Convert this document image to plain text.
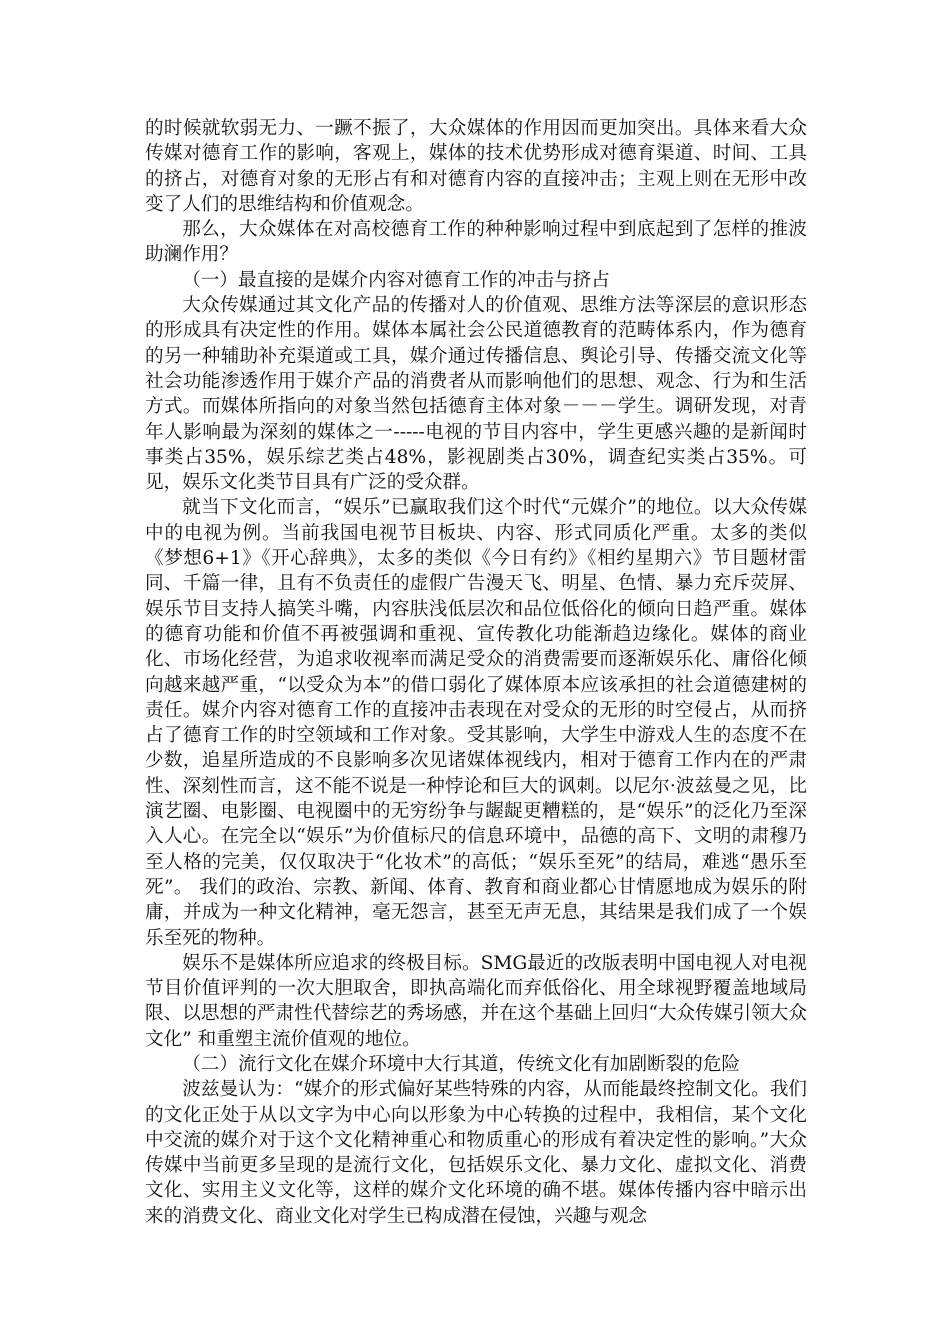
的时候就软弱无力、一蹶不振了，大众媒体的作用因而更加突出。具体来看大众传媒对德育工作的影响，客观上，媒体的技术优势形成对德育渠道、时间、工具的挤占，对德育对象的无形占有和对德育内容的直接冲击；主观上则在无形中改变了人们的思维结构和价值观念。

那么，大众媒体在对高校德育工作的种种影响过程中到底起到了怎样的推波助澜作用？

（一）最直接的是媒介内容对德育工作的冲击与挤占

大众传媒通过其文化产品的传播对人的价值观、思维方法等深层的意识形态的形成具有决定性的作用。媒体本属社会公民道德教育的范畴体系内，作为德育的另一种辅助补充渠道或工具，媒介通过传播信息、舆论引导、传播交流文化等社会功能渗透作用于媒介产品的消费者从而影响他们的思想、观念、行为和生活方式。而媒体所指向的对象当然包括德育主体对象－－－学生。调研发现，对青年人影响最为深刻的媒体之一-----电视的节目内容中，学生更感兴趣的是新闻时事类占35%，娱乐综艺类占48%，影视剧类占30%，调查纪实类占35%。可见，娱乐文化类节目具有广泛的受众群。

就当下文化而言，“娱乐”已赢取我们这个时代“元媒介”的地位。以大众传媒中的电视为例。当前我国电视节目板块、内容、形式同质化严重。太多的类似《梦想6+1》《开心辞典》，太多的类似《今日有约》《相约星期六》节目题材雷同、千篇一律，且有不负责任的虚假广告漫天飞、明星、色情、暴力充斥荧屏、娱乐节目支持人搞笑斗嘴，内容肤浅低层次和品位低俗化的倾向日趋严重。媒体的德育功能和价值不再被强调和重视、宣传教化功能渐趋边缘化。媒体的商业化、市场化经营，为追求收视率而满足受众的消费需要而逐渐娱乐化、庸俗化倾向越来越严重，“以受众为本”的借口弱化了媒体原本应该承担的社会道德建树的责任。媒介内容对德育工作的直接冲击表现在对受众的无形的时空侵占，从而挤占了德育工作的时空领域和工作对象。受其影响，大学生中游戏人生的态度不在少数，追星所造成的不良影响多次见诸媒体视线内，相对于德育工作内在的严肃性、深刻性而言，这不能不说是一种悖论和巨大的讽刺。以尼尔·波兹曼之见，比演艺圈、电影圈、电视圈中的无穷纷争与龌龊更糟糕的，是“娱乐”的泛化乃至深入人心。在完全以“娱乐”为价值标尺的信息环境中，品德的高下、文明的肃穆乃至人格的完美，仅仅取决于“化妆术”的高低；“娱乐至死”的结局，难逃“愚乐至死”。 我们的政治、宗教、新闻、体育、教育和商业都心甘情愿地成为娱乐的附庸，并成为一种文化精神，毫无怨言，甚至无声无息，其结果是我们成了一个娱乐至死的物种。

娱乐不是媒体所应追求的终极目标。SMG最近的改版表明中国电视人对电视节目价值评判的一次大胆取舍，即执高端化而弃低俗化、用全球视野覆盖地域局限、以思想的严肃性代替综艺的秀场感，并在这个基础上回归“大众传媒引领大众文化” 和重塑主流价值观的地位。

（二）流行文化在媒介环境中大行其道，传统文化有加剧断裂的危险

波兹曼认为：“媒介的形式偏好某些特殊的内容，从而能最终控制文化。我们的文化正处于从以文字为中心向以形象为中心转换的过程中，我相信，某个文化中交流的媒介对于这个文化精神重心和物质重心的形成有着决定性的影响。”大众传媒中当前更多呈现的是流行文化，包括娱乐文化、暴力文化、虚拟文化、消费文化、实用主义文化等，这样的媒介文化环境的确不堪。媒体传播内容中暗示出来的消费文化、商业文化对学生已构成潜在侵蚀，兴趣与观念
